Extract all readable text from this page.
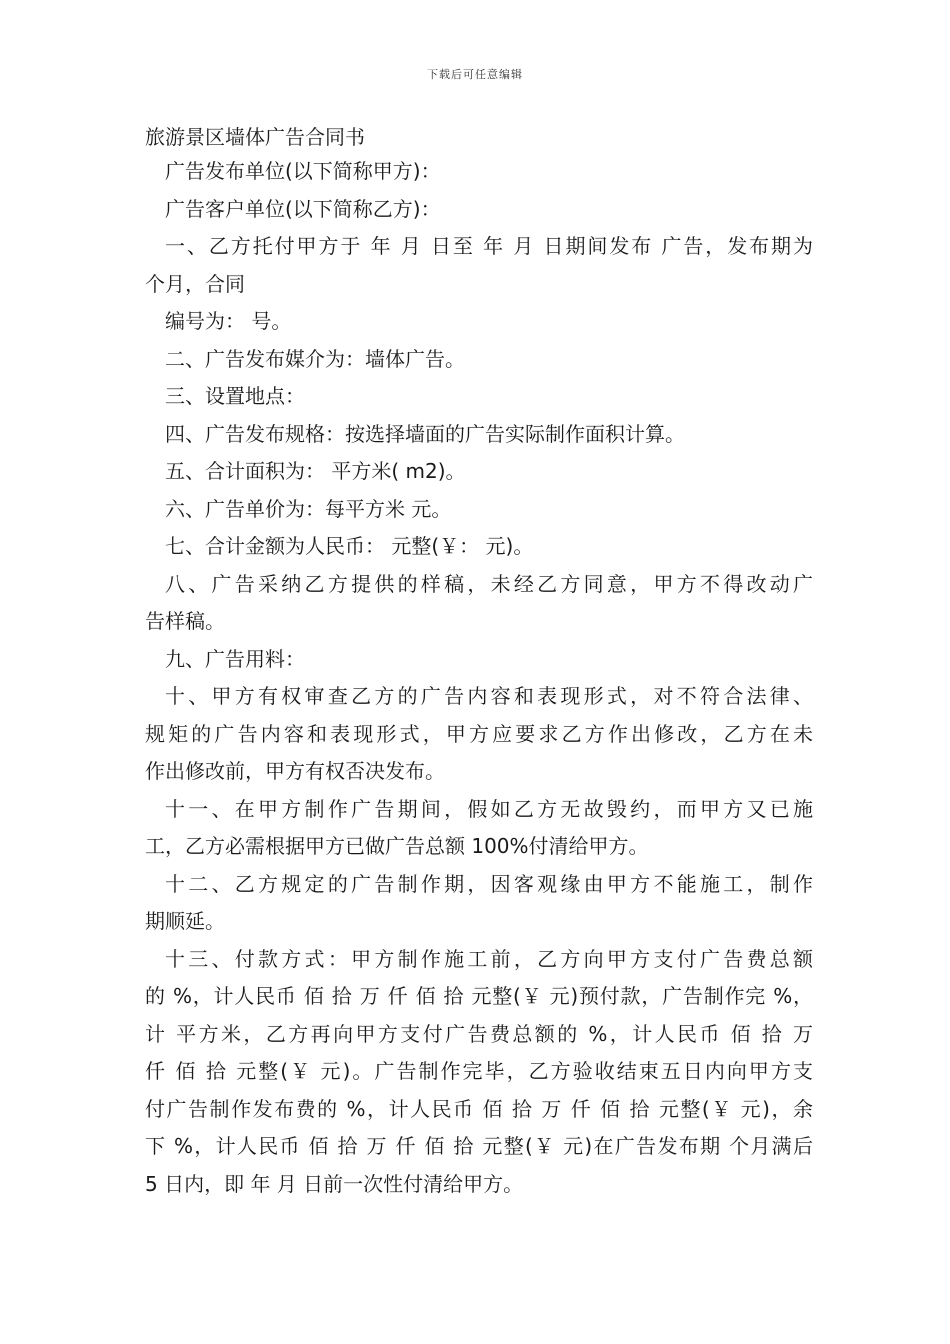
下载后可任意编辑
旅游景区墙体广告合同书
广告发布单位(以下简称甲方)：
广告客户单位(以下简称乙方)：
一、乙方托付甲方于 年 月 日至 年 月 日期间发布 广告，发布期为
个月，合同
编号为： 号。
二、广告发布媒介为：墙体广告。
三、设置地点：
四、广告发布规格：按选择墙面的广告实际制作面积计算。
五、合计面积为： 平方米( m2)。
六、广告单价为：每平方米 元。
七、合计金额为人民币： 元整(￥： 元)。
八、广告采纳乙方提供的样稿，未经乙方同意，甲方不得改动广
告样稿。
九、广告用料：
十、甲方有权审查乙方的广告内容和表现形式，对不符合法律、
规矩的广告内容和表现形式，甲方应要求乙方作出修改，乙方在未
作出修改前，甲方有权否决发布。
十一、在甲方制作广告期间，假如乙方无故毁约，而甲方又已施
工，乙方必需根据甲方已做广告总额 100%付清给甲方。
十二、乙方规定的广告制作期，因客观缘由甲方不能施工，制作
期顺延。
十三、付款方式：甲方制作施工前，乙方向甲方支付广告费总额
的 %，计人民币 佰 拾 万 仟 佰 拾 元整(￥ 元)预付款，广告制作完 %，
计 平方米，乙方再向甲方支付广告费总额的 %，计人民币 佰 拾 万
仟 佰 拾 元整(￥ 元)。广告制作完毕，乙方验收结束五日内向甲方支
付广告制作发布费的 %，计人民币 佰 拾 万 仟 佰 拾 元整(￥ 元)，余
下 %，计人民币 佰 拾 万 仟 佰 拾 元整(￥ 元)在广告发布期 个月满后
5 日内，即 年 月 日前一次性付清给甲方。
